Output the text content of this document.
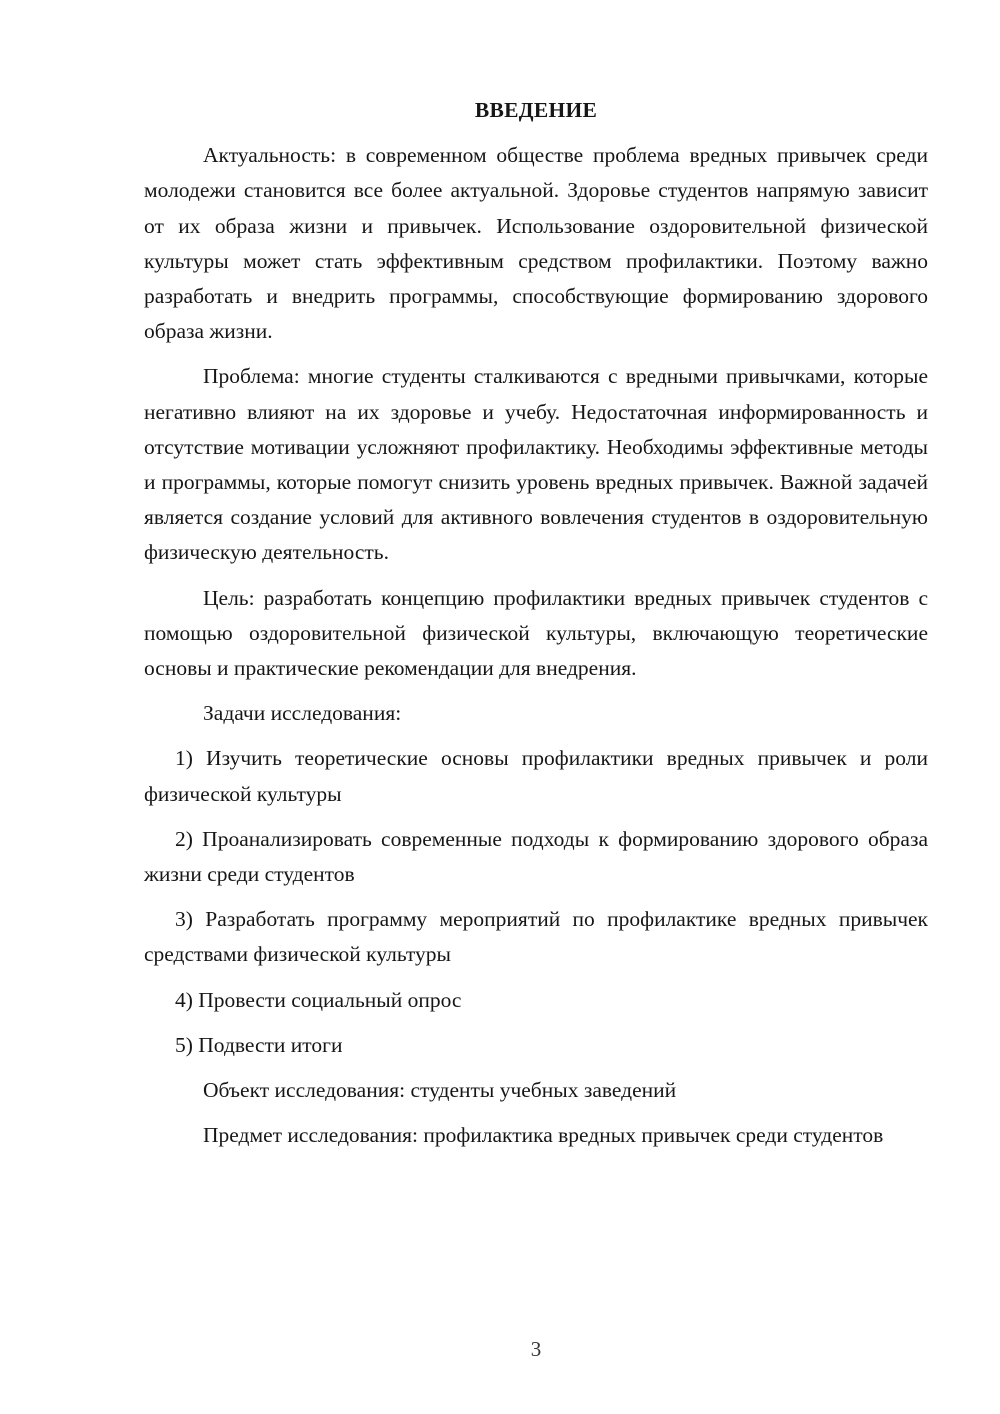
ВВЕДЕНИЕ

Актуальность: в современном обществе проблема вредных привычек среди молодежи становится все более актуальной. Здоровье студентов напрямую зависит от их образа жизни и привычек. Использование оздоровительной физической культуры может стать эффективным средством профилактики. Поэтому важно разработать и внедрить программы, способствующие формированию здорового образа жизни.

Проблема: многие студенты сталкиваются с вредными привычками, которые негативно влияют на их здоровье и учебу. Недостаточная информированность и отсутствие мотивации усложняют профилактику. Необходимы эффективные методы и программы, которые помогут снизить уровень вредных привычек. Важной задачей является создание условий для активного вовлечения студентов в оздоровительную физическую деятельность.

Цель: разработать концепцию профилактики вредных привычек студентов с помощью оздоровительной физической культуры, включающую теоретические основы и практические рекомендации для внедрения.

Задачи исследования:

1) Изучить теоретические основы профилактики вредных привычек и роли физической культуры

2) Проанализировать современные подходы к формированию здорового образа жизни среди студентов

3) Разработать программу мероприятий по профилактике вредных привычек средствами физической культуры

4) Провести социальный опрос

5) Подвести итоги

Объект исследования: студенты учебных заведений

Предмет исследования: профилактика вредных привычек среди студентов

3
